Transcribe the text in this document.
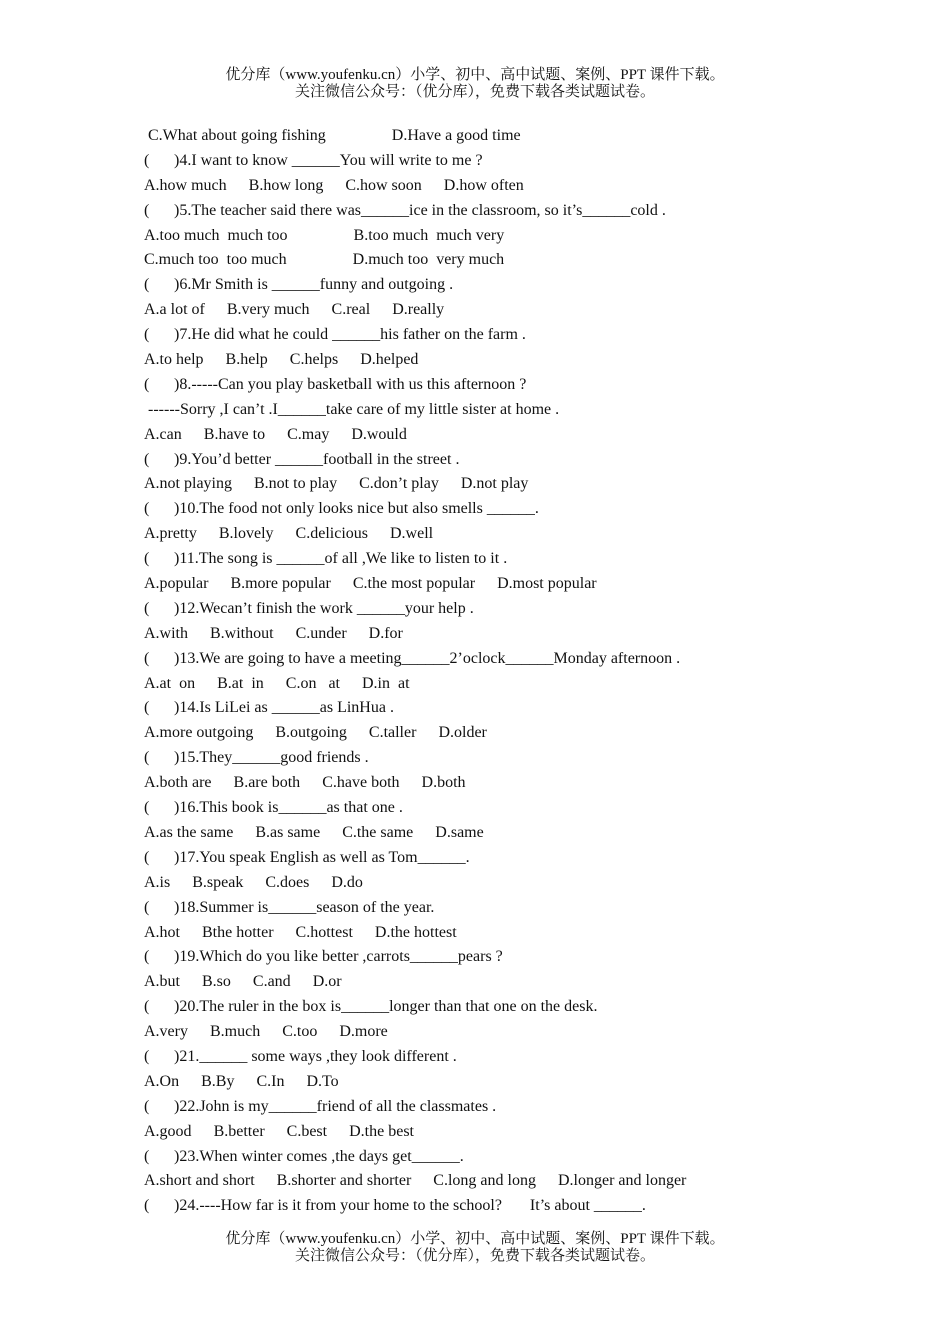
优分库（www.youfenku.cn）小学、初中、高中试题、案例、PPT 课件下载。
关注微信公众号：（优分库），免费下载各类试题试卷。
C.What about going fishing	D.Have a good time
( )4.I want to know ______You will write to me ?
A.how much B.how long C.how soon D.how often
( )5.The teacher said there was______ice in the classroom, so it’s______cold .
A.too much  much too	B.too much  much very
C.much too  too much	D.much too  very much
( )6.Mr Smith is ______funny and outgoing .
A.a lot of B.very much C.real D.really
( )7.He did what he could ______his father on the farm .
A.to help B.help C.helps D.helped
( )8.-----Can you play basketball with us this afternoon ?
------Sorry ,I can’t .I______take care of my little sister at home .
A.can B.have to C.may D.would
( )9.You’d better ______football in the street .
A.not playing B.not to play C.don’t play D.not play
( )10.The food not only looks nice but also smells ______.
A.pretty B.lovely C.delicious D.well
( )11.The song is ______of all ,We like to listen to it .
A.popular B.more popular C.the most popular D.most popular
( )12.Wecan’t finish the work ______your help .
A.with B.without C.under D.for
( )13.We are going to have a meeting______2’oclock______Monday afternoon .
A.at  on B.at  in C.on   at D.in  at
( )14.Is LiLei as ______as LinHua .
A.more outgoing B.outgoing C.taller D.older
( )15.They______good friends .
A.both are B.are both C.have both D.both
( )16.This book is______as that one .
A.as the same B.as same C.the same D.same
( )17.You speak English as well as Tom______.
A.is B.speak C.does D.do
( )18.Summer is______season of the year.
A.hot Bthe hotter C.hottest D.the hottest
( )19.Which do you like better ,carrots______pears ?
A.but B.so C.and D.or
( )20.The ruler in the box is______longer than that one on the desk.
A.very B.much C.too D.more
( )21.______ some ways ,they look different .
A.On B.By C.In D.To
( )22.John is my______friend of all the classmates .
A.good B.better C.best D.the best
( )23.When winter comes ,the days get______.
A.short and short B.shorter and shorter C.long and long D.longer and longer
( )24.----How far is it from your home to the school?       It’s about ______.
优分库（www.youfenku.cn）小学、初中、高中试题、案例、PPT 课件下载。
关注微信公众号：（优分库），免费下载各类试题试卷。
